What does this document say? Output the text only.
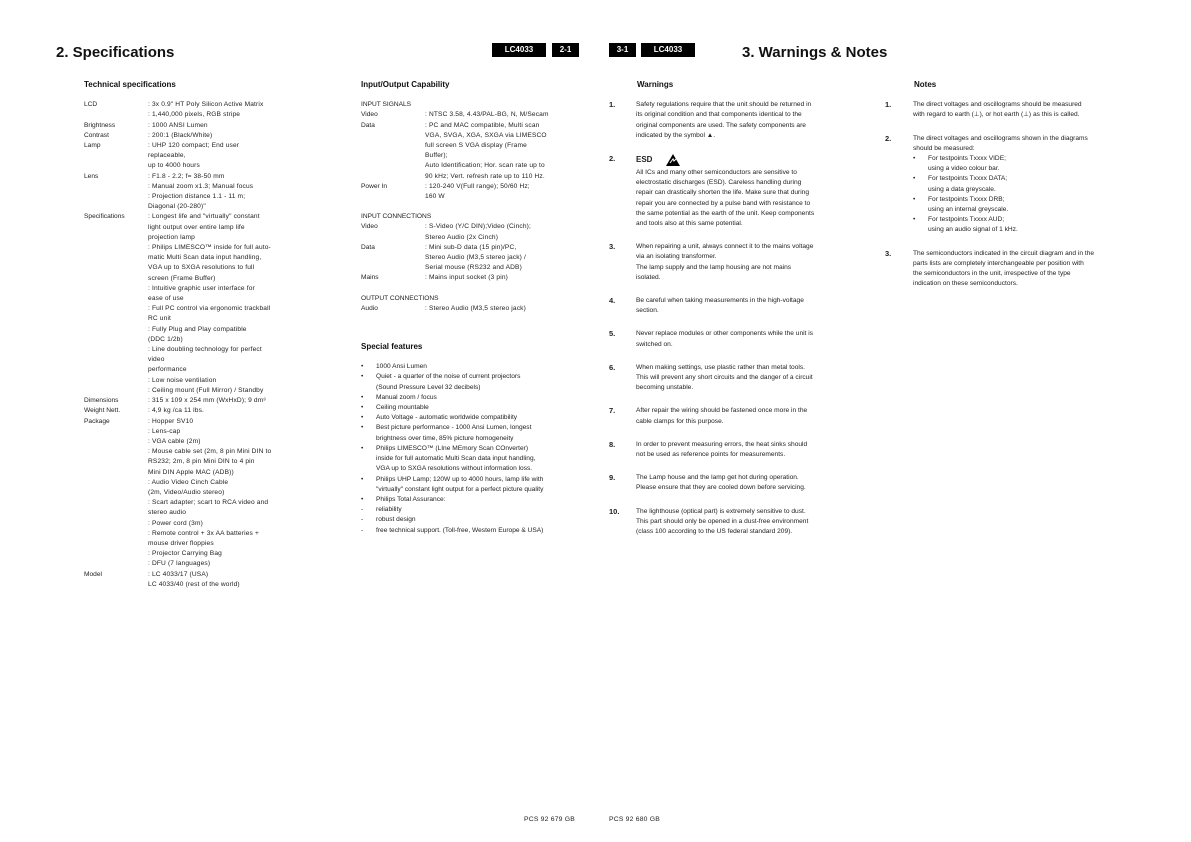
2. Specifications	LC4033	2-1
Technical specifications
LCD	: 3x 0.9" HT Poly Silicon Active Matrix
: 1,440,000 pixels, RGB stripe
Brightness	: 1000 ANSI Lumen
Contrast	: 200:1 (Black/White)
Lamp	: UHP 120 compact; End user
replaceable,
up to 4000 hours
Lens	: F1.8 - 2.2; f= 38-50 mm
: Manual zoom x1.3; Manual focus
: Projection distance 1.1 - 11 m;
Diagonal (20-280)"
Specifications	: Longest life and "virtually" constant
light output over entire lamp life
projection lamp
: Philips LIMESCO™ inside for full auto-
matic Multi Scan data input handling,
VGA up to SXGA resolutions to full
screen (Frame Buffer)
: Intuitive graphic user interface for
ease of use
: Full PC control via ergonomic trackball
RC unit
: Fully Plug and Play compatible
(DDC 1/2b)
: Line doubling technology for perfect
video
performance
: Low noise ventilation
: Ceiling mount (Full Mirror) / Standby
Dimensions	: 315 x 109 x 254 mm (WxHxD); 9 dm³
Weight Nett.	: 4,9 kg /ca 11 lbs.
Package	: Hopper SV10
: Lens-cap
: VGA cable (2m)
: Mouse cable set (2m, 8 pin Mini DIN to
RS232; 2m, 8 pin Mini DIN to 4 pin
Mini DIN Apple MAC (ADB))
: Audio Video Cinch Cable
(2m, Video/Audio stereo)
: Scart adapter; scart to RCA video and
stereo audio
: Power cord (3m)
: Remote control + 3x AA batteries +
mouse driver floppies
: Projector Carrying Bag
: DFU (7 languages)
Model	: LC 4033/17 (USA)
LC 4033/40 (rest of the world)
Input/Output Capability
INPUT SIGNALS
Video	: NTSC 3.58, 4.43/PAL-BG, N, M/Secam
Data	: PC and MAC compatible, Multi scan
VGA, SVGA, XGA, SXGA via LIMESCO
full screen S VGA display (Frame
Buffer);
Auto Identification; Hor. scan rate up to
90 kHz; Vert. refresh rate up to 110 Hz.
Power In	: 120-240 V(Full range); 50/60 Hz;
160 W
INPUT CONNECTIONS
Video	: S-Video (Y/C DIN);Video (Cinch);
Stereo Audio (2x Cinch)
Data	: Mini sub-D data (15 pin)/PC,
Stereo Audio (M3,5 stereo jack) /
Serial mouse (RS232 and ADB)
Mains	: Mains input socket (3 pin)
OUTPUT CONNECTIONS
Audio	: Stereo Audio (M3,5 stereo jack)
Special features
•	1000 Ansi Lumen
•	Quiet - a quarter of the noise of current projectors
(Sound Pressure Level 32 decibels)
•	Manual zoom / focus
•	Ceiling mountable
•	Auto Voltage - automatic worldwide compatibility
•	Best picture performance - 1000 Ansi Lumen, longest
brightness over time, 85% picture homogeneity
•	Philips LIMESCO™ (LIne MEmory Scan COnverter)
inside for full automatic Multi Scan data input handling,
VGA up to SXGA resolutions without information loss.
•	Philips UHP Lamp; 120W up to 4000 hours, lamp life with
"virtually" constant light output for a perfect picture quality
•	Philips Total Assurance:
-	reliability
-	robust design
-	free technical support. (Toll-free, Western Europe & USA)
PCS 92 679 GB
3-1	LC4033	3. Warnings & Notes
Warnings
1.	Safety regulations require that the unit should be returned in
its original condition and that components identical to the
original components are used. The safety components are
indicated by the symbol ▲.
2.	ESD
All ICs and many other semiconductors are sensitive to
electrostatic discharges (ESD). Careless handling during
repair can drastically shorten the life. Make sure that during
repair you are connected by a pulse band with resistance to
the same potential as the earth of the unit. Keep components
and tools also at this same potential.
3.	When repairing a unit, always connect it to the mains voltage
via an isolating transformer.
The lamp supply and the lamp housing are not mains
isolated.
4.	Be careful when taking measurements in the high-voltage
section.
5.	Never replace modules or other components while the unit is
switched on.
6.	When making settings, use plastic rather than metal tools.
This will prevent any short circuits and the danger of a circuit
becoming unstable.
7.	After repair the wiring should be fastened once more in the
cable clamps for this purpose.
8.	In order to prevent measuring errors, the heat sinks should
not be used as reference points for measurements.
9.	The Lamp house and the lamp get hot during operation.
Please ensure that they are cooled down before servicing.
10.	The lighthouse (optical part) is extremely sensitive to dust.
This part should only be opened in a dust-free environment
(class 100 according to the US federal standard 209).
Notes
1.	The direct voltages and oscillograms should be measured
with regard to earth (⊥), or hot earth (⊥) as this is called.
2.	The direct voltages and oscillograms shown in the diagrams
should be measured:
•	For testpoints Txxxx VIDE;
using a video colour bar.
•	For testpoints Txxxx DATA;
using a data greyscale.
•	For testpoints Txxxx DRB;
using an internal greyscale.
•	For testpoints Txxxx AUD;
using an audio signal of 1 kHz.
3.	The semiconductors indicated in the circuit diagram and in the
parts lists are completely interchangeable per position with
the semiconductors in the unit, irrespective of the type
indication on these semiconductors.
PCS 92 680 GB
